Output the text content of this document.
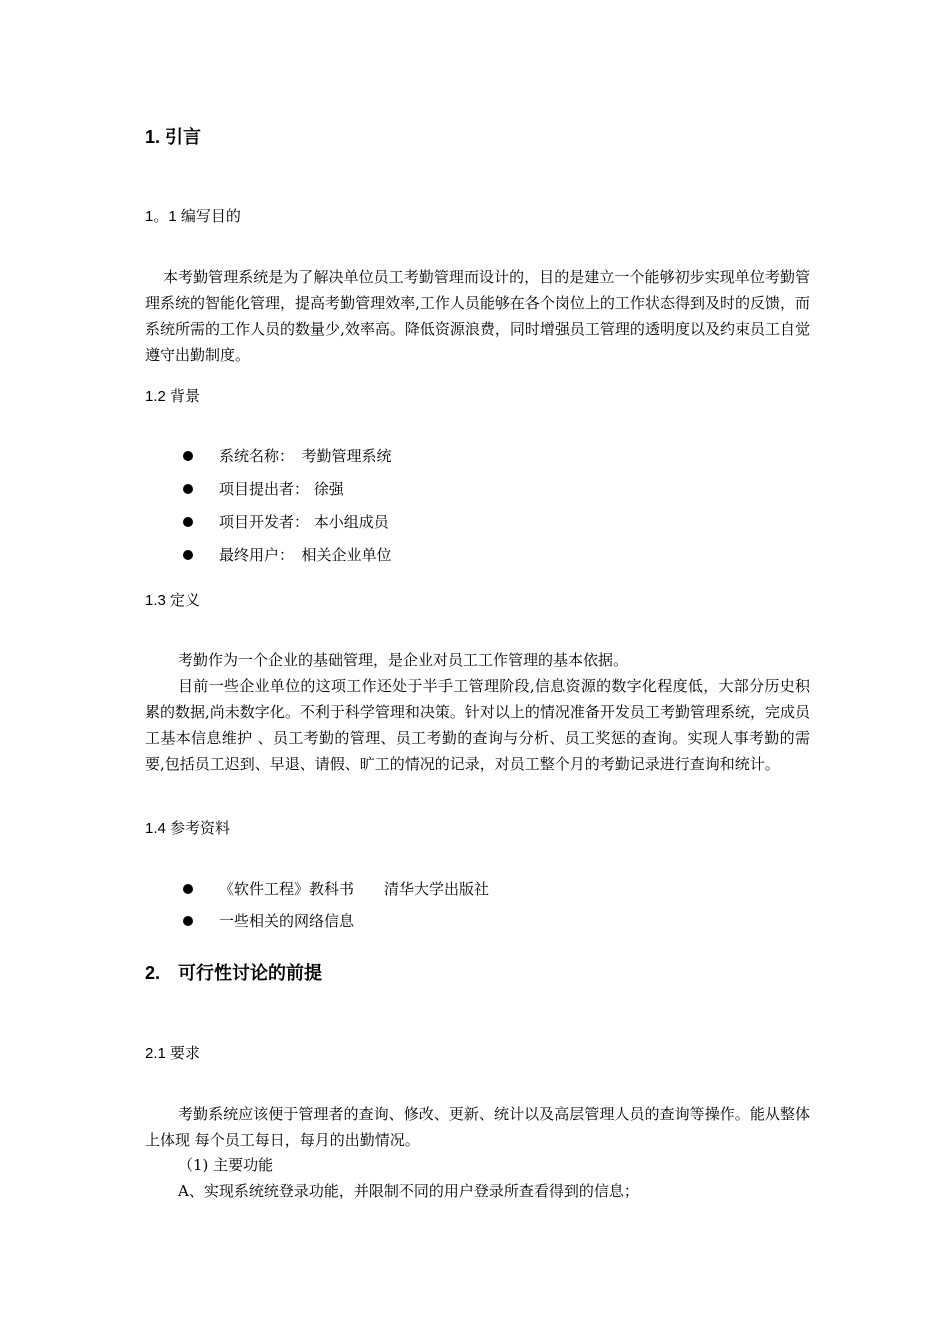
1. 引言
1。1 编写目的
本考勤管理系统是为了解决单位员工考勤管理而设计的，目的是建立一个能够初步实现单位考勤管理系统的智能化管理，提高考勤管理效率,工作人员能够在各个岗位上的工作状态得到及时的反馈，而系统所需的工作人员的数量少,效率高。降低资源浪费，同时增强员工管理的透明度以及约束员工自觉遵守出勤制度。
1.2 背景
系统名称：　考勤管理系统
项目提出者： 徐强
项目开发者： 本小组成员
最终用户：　相关企业单位
1.3 定义
考勤作为一个企业的基础管理，是企业对员工工作管理的基本依据。
目前一些企业单位的这项工作还处于半手工管理阶段,信息资源的数字化程度低，大部分历史积累的数据,尚未数字化。不利于科学管理和决策。针对以上的情况准备开发员工考勤管理系统，完成员工基本信息维护 、员工考勤的管理、员工考勤的查询与分析、员工奖惩的查询。实现人事考勤的需要,包括员工迟到、早退、请假、旷工的情况的记录，对员工整个月的考勤记录进行查询和统计。
1.4 参考资料
《软件工程》教科书　　清华大学出版社
一些相关的网络信息
2.　可行性讨论的前提
2.1 要求
考勤系统应该便于管理者的查询、修改、更新、统计以及高层管理人员的查询等操作。能从整体上体现 每个员工每日，每月的出勤情况。
（1) 主要功能
A、实现系统统登录功能，并限制不同的用户登录所查看得到的信息；
